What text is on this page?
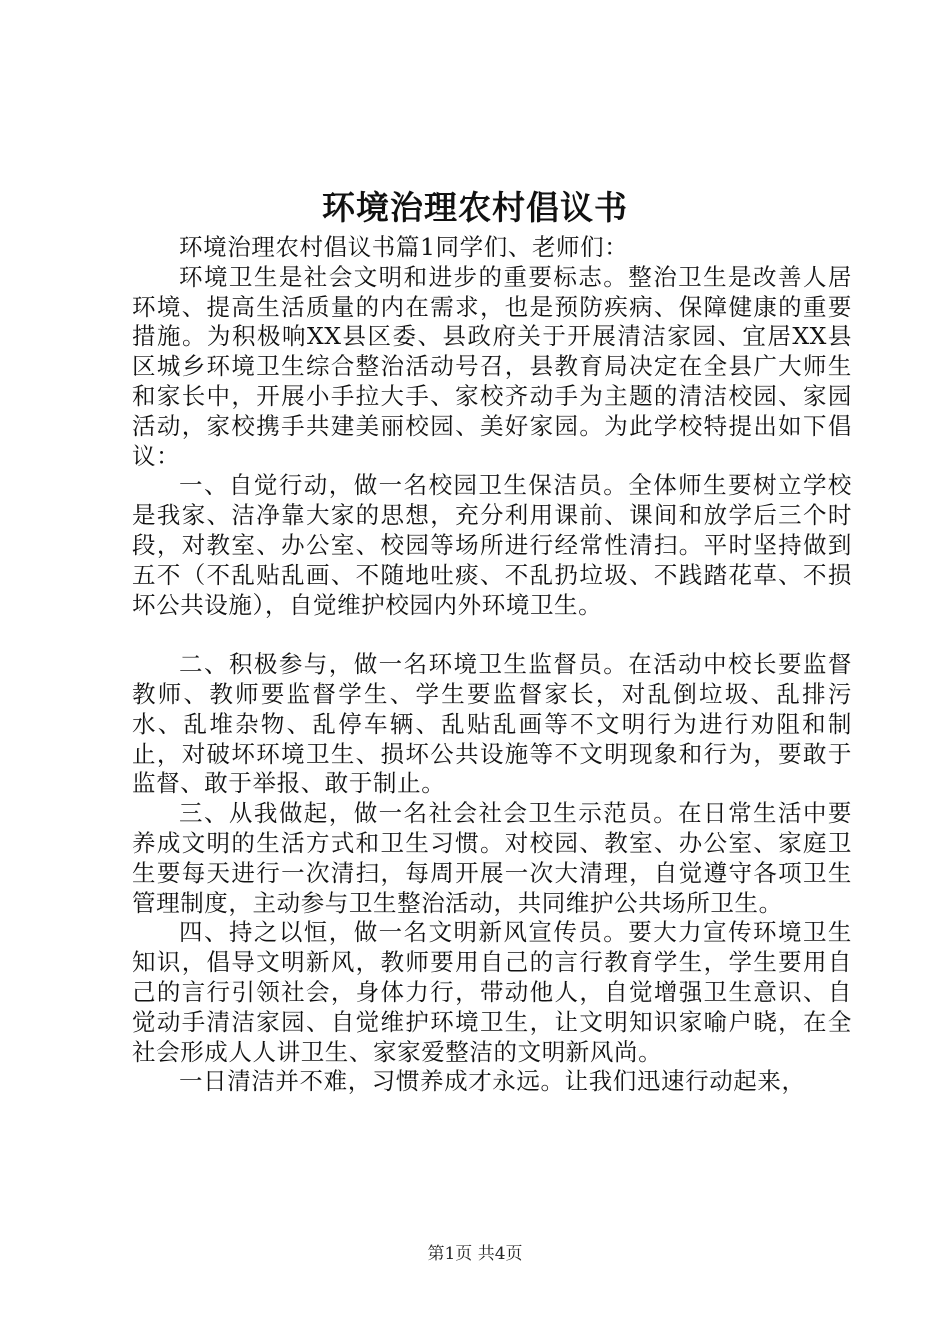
环境治理农村倡议书

环境治理农村倡议书篇1同学们、老师们：

环境卫生是社会文明和进步的重要标志。整治卫生是改善人居环境、提高生活质量的内在需求，也是预防疾病、保障健康的重要措施。为积极响XX县区委、县政府关于开展清洁家园、宜居XX县区城乡环境卫生综合整治活动号召，县教育局决定在全县广大师生和家长中，开展小手拉大手、家校齐动手为主题的清洁校园、家园活动，家校携手共建美丽校园、美好家园。为此学校特提出如下倡议：

一、自觉行动，做一名校园卫生保洁员。全体师生要树立学校是我家、洁净靠大家的思想，充分利用课前、课间和放学后三个时段，对教室、办公室、校园等场所进行经常性清扫。平时坚持做到五不（不乱贴乱画、不随地吐痰、不乱扔垃圾、不践踏花草、不损坏公共设施），自觉维护校园内外环境卫生。

二、积极参与，做一名环境卫生监督员。在活动中校长要监督教师、教师要监督学生、学生要监督家长，对乱倒垃圾、乱排污水、乱堆杂物、乱停车辆、乱贴乱画等不文明行为进行劝阻和制止，对破坏环境卫生、损坏公共设施等不文明现象和行为，要敢于监督、敢于举报、敢于制止。

三、从我做起，做一名社会社会卫生示范员。在日常生活中要养成文明的生活方式和卫生习惯。对校园、教室、办公室、家庭卫生要每天进行一次清扫，每周开展一次大清理，自觉遵守各项卫生管理制度，主动参与卫生整治活动，共同维护公共场所卫生。

四、持之以恒，做一名文明新风宣传员。要大力宣传环境卫生知识，倡导文明新风，教师要用自己的言行教育学生，学生要用自己的言行引领社会，身体力行，带动他人，自觉增强卫生意识、自觉动手清洁家园、自觉维护环境卫生，让文明知识家喻户晓，在全社会形成人人讲卫生、家家爱整洁的文明新风尚。

一日清洁并不难，习惯养成才永远。让我们迅速行动起来，

第1页 共4页
